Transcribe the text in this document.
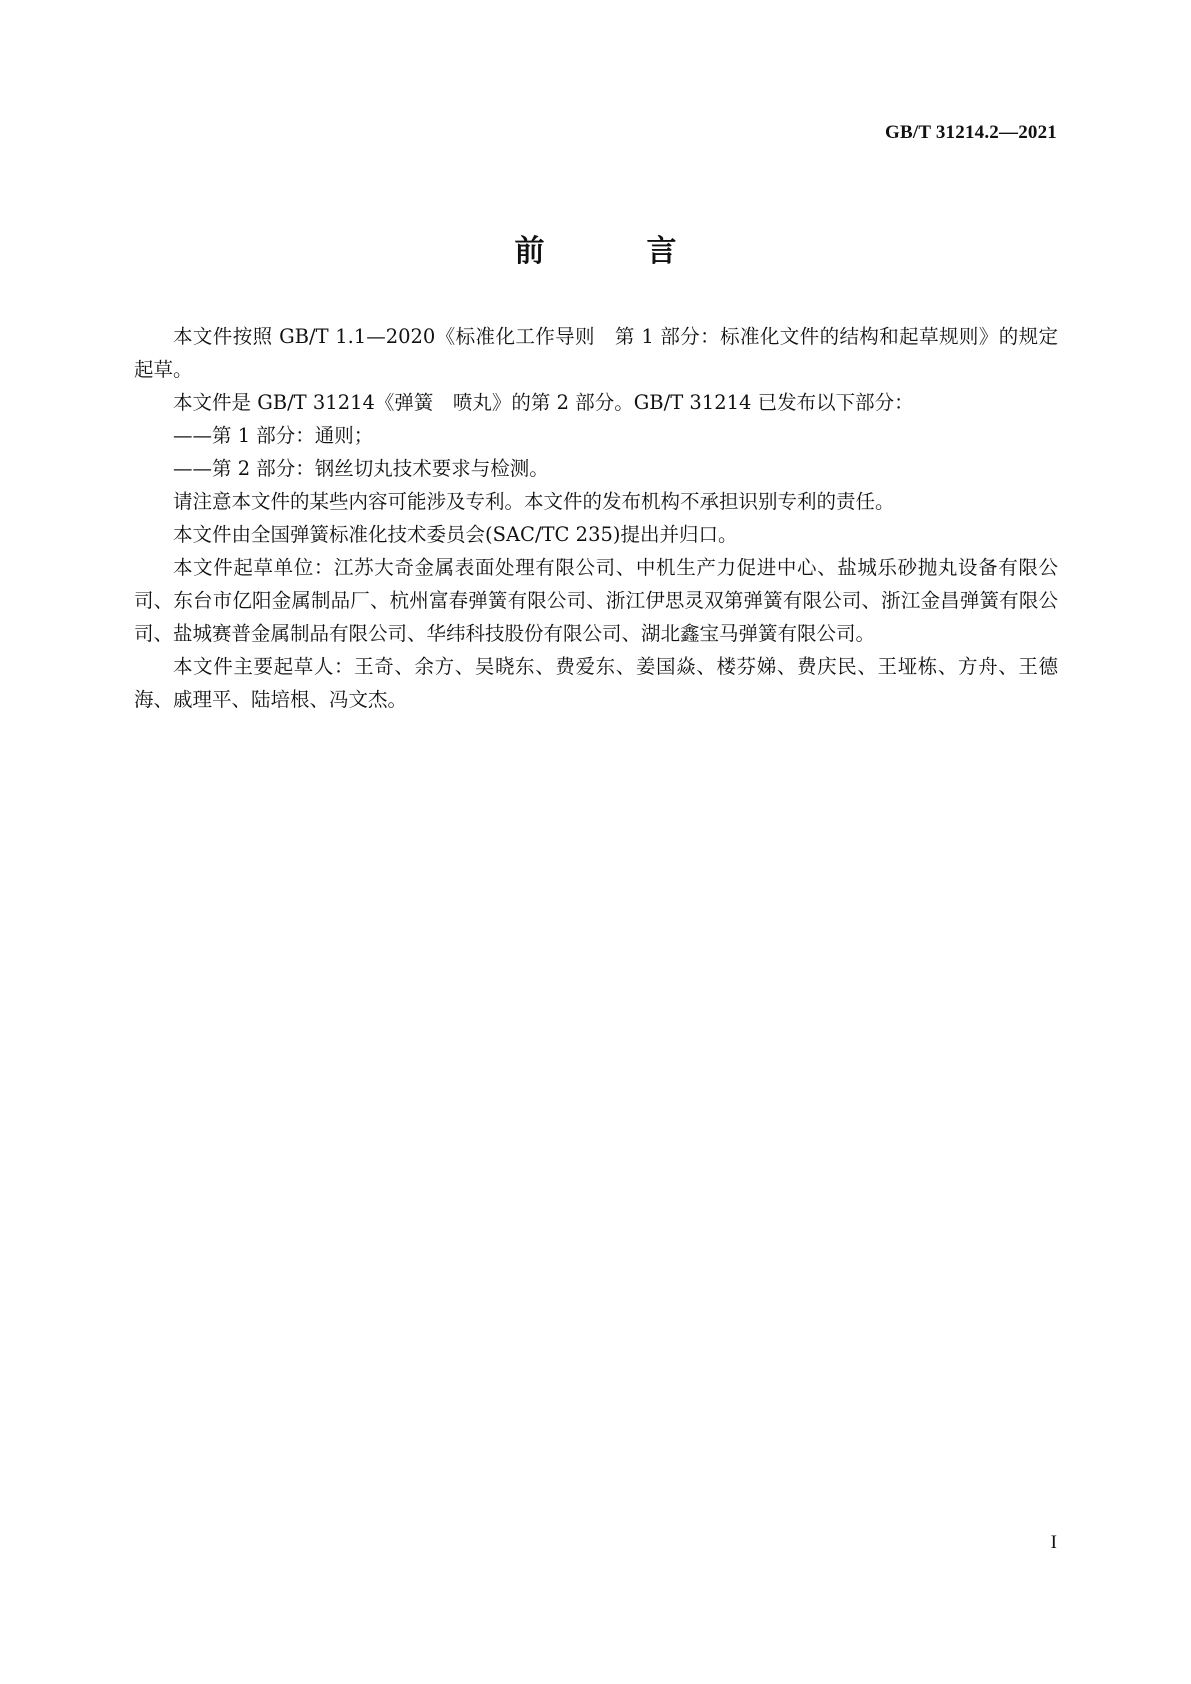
GB/T 31214.2—2021
前　言

本文件按照 GB/T 1.1—2020《标准化工作导则　第 1 部分：标准化文件的结构和起草规则》的规定起草。

本文件是 GB/T 31214《弹簧　喷丸》的第 2 部分。GB/T 31214 已发布以下部分：

——第 1 部分：通则；

——第 2 部分：钢丝切丸技术要求与检测。

请注意本文件的某些内容可能涉及专利。本文件的发布机构不承担识别专利的责任。

本文件由全国弹簧标准化技术委员会(SAC/TC 235)提出并归口。

本文件起草单位：江苏大奇金属表面处理有限公司、中机生产力促进中心、盐城乐砂抛丸设备有限公司、东台市亿阳金属制品厂、杭州富春弹簧有限公司、浙江伊思灵双第弹簧有限公司、浙江金昌弹簧有限公司、盐城赛普金属制品有限公司、华纬科技股份有限公司、湖北鑫宝马弹簧有限公司。

本文件主要起草人：王奇、余方、吴晓东、费爱东、姜国焱、楼芬娣、费庆民、王垭栋、方舟、王德海、戚理平、陆培根、冯文杰。

I
